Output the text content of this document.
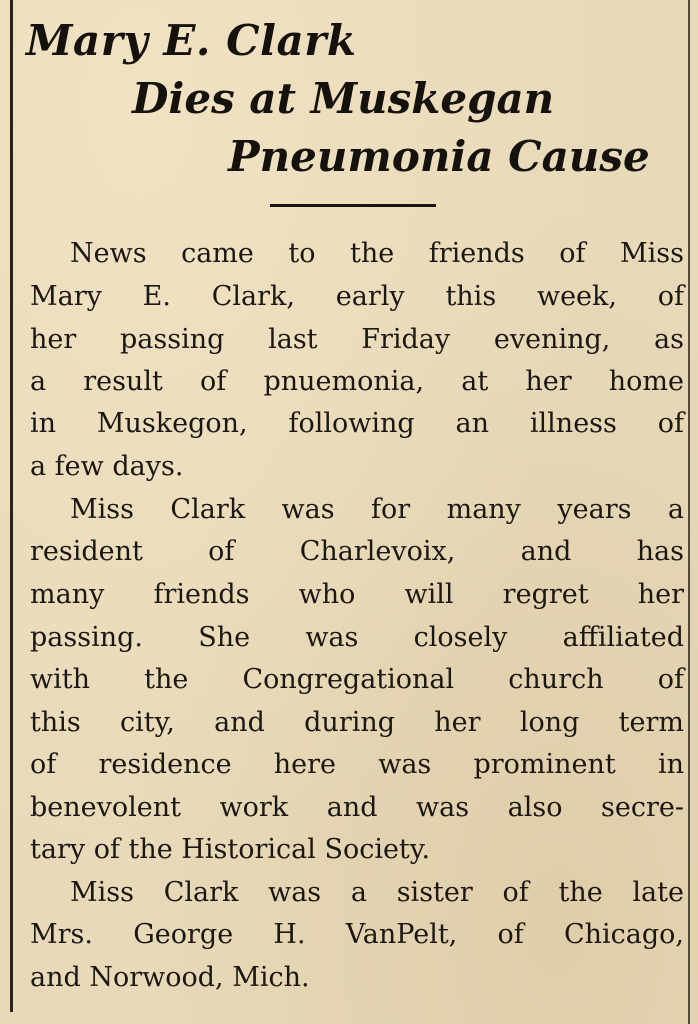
Mary E. Clark
Dies at Muskegan
Pneumonia Cause

News came to the friends of Miss

Mary E. Clark, early this week, of

her passing last Friday evening, as

a result of pnuemonia, at her home

in Muskegon, following an illness of

a few days.

Miss Clark was for many years a

resident of Charlevoix, and has

many friends who will regret her

passing. She was closely affiliated

with the Congregational church of

this city, and during her long term

of residence here was prominent in

benevolent work and was also secre-

tary of the Historical Society.

Miss Clark was a sister of the late

Mrs. George H. VanPelt, of Chicago,

and Norwood, Mich.
